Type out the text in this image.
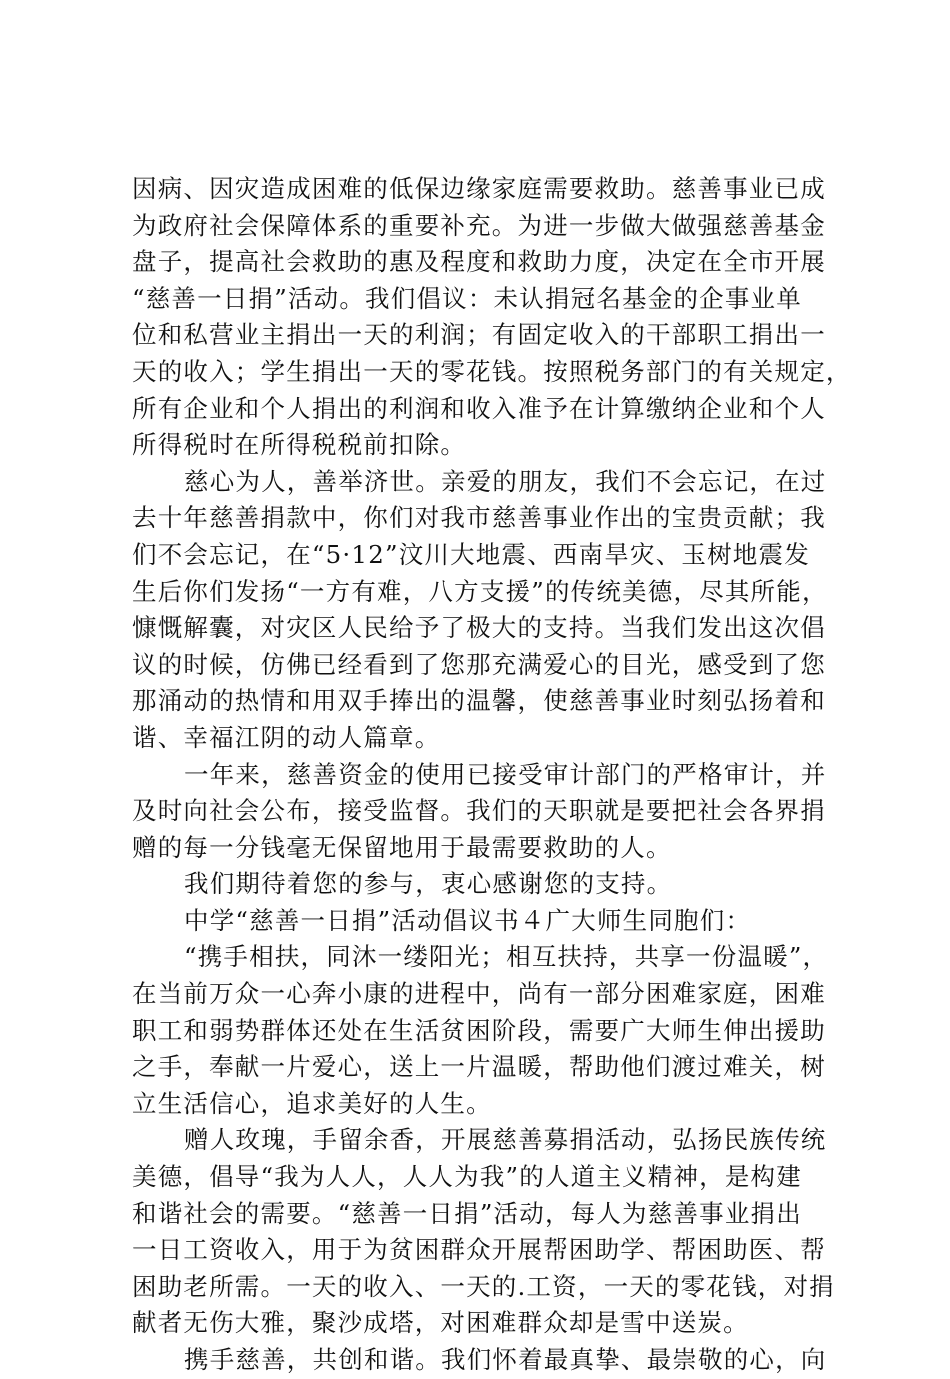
因病、因灾造成困难的低保边缘家庭需要救助。慈善事业已成
为政府社会保障体系的重要补充。为进一步做大做强慈善基金
盘子，提高社会救助的惠及程度和救助力度，决定在全市开展
“慈善一日捐”活动。我们倡议：未认捐冠名基金的企事业单
位和私营业主捐出一天的利润；有固定收入的干部职工捐出一
天的收入；学生捐出一天的零花钱。按照税务部门的有关规定，
所有企业和个人捐出的利润和收入准予在计算缴纳企业和个人
所得税时在所得税税前扣除。
慈心为人，善举济世。亲爱的朋友，我们不会忘记，在过
去十年慈善捐款中，你们对我市慈善事业作出的宝贵贡献；我
们不会忘记，在“5·12”汶川大地震、西南旱灾、玉树地震发
生后你们发扬“一方有难，八方支援”的传统美德，尽其所能，
慷慨解囊，对灾区人民给予了极大的支持。当我们发出这次倡
议的时候，仿佛已经看到了您那充满爱心的目光，感受到了您
那涌动的热情和用双手捧出的温馨，使慈善事业时刻弘扬着和
谐、幸福江阴的动人篇章。
一年来，慈善资金的使用已接受审计部门的严格审计，并
及时向社会公布，接受监督。我们的天职就是要把社会各界捐
赠的每一分钱毫无保留地用于最需要救助的人。
我们期待着您的参与，衷心感谢您的支持。
中学“慈善一日捐”活动倡议书４广大师生同胞们：
“携手相扶，同沐一缕阳光；相互扶持，共享一份温暖”，
在当前万众一心奔小康的进程中，尚有一部分困难家庭，困难
职工和弱势群体还处在生活贫困阶段，需要广大师生伸出援助
之手，奉献一片爱心，送上一片温暖，帮助他们渡过难关，树
立生活信心，追求美好的人生。
赠人玫瑰，手留余香，开展慈善募捐活动，弘扬民族传统
美德，倡导“我为人人，人人为我”的人道主义精神，是构建
和谐社会的需要。“慈善一日捐”活动，每人为慈善事业捐出
一日工资收入，用于为贫困群众开展帮困助学、帮困助医、帮
困助老所需。一天的收入、一天的.工资，一天的零花钱，对捐
献者无伤大雅，聚沙成塔，对困难群众却是雪中送炭。
携手慈善，共创和谐。我们怀着最真挚、最崇敬的心，向
